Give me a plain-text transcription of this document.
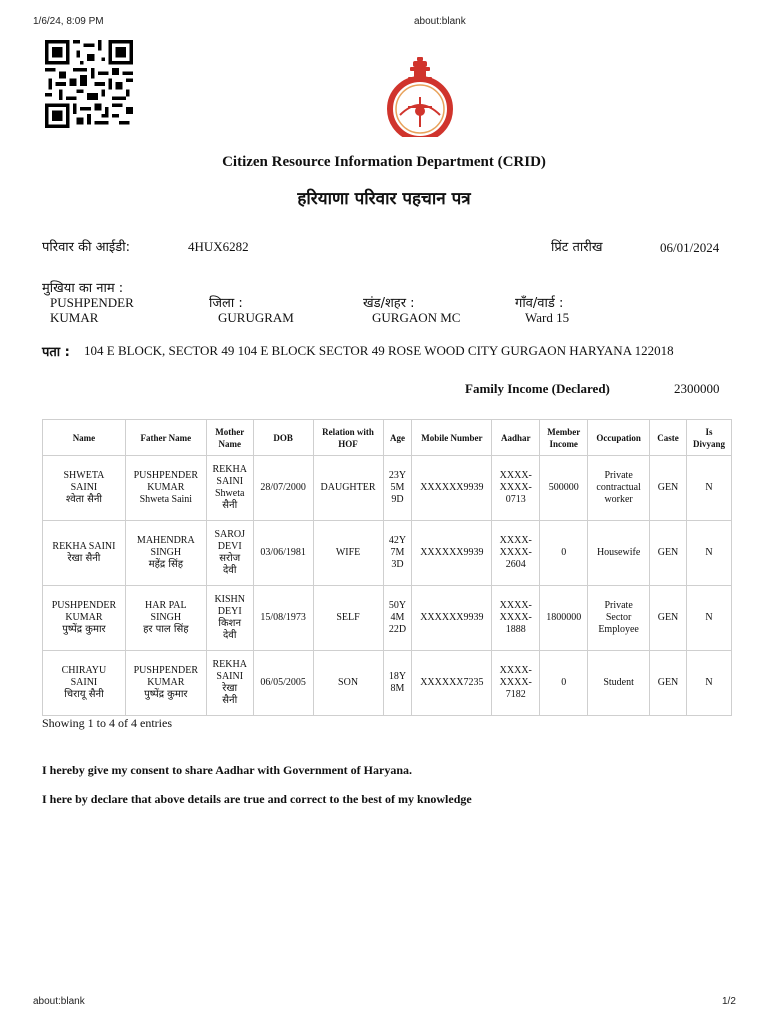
1/6/24, 8:09 PM	about:blank
about:blank	1/2
Citizen Resource Information Department (CRID)
हरियाणा परिवार पहचान पत्र
परिवार की आईडी:	4HUX6282	प्रिंट तारीख	06/01/2024
मुखिया का नाम :
PUSHPENDER
KUMAR
जिला :
GURUGRAM
खंड/शहर :
GURGAON MC
गाँव/वार्ड :
Ward 15
पता : 104 E BLOCK, SECTOR 49 104 E BLOCK SECTOR 49 ROSE WOOD CITY GURGAON HARYANA 122018
Family Income (Declared)	2300000
Name	Father Name	Mother Name	DOB	Relation with HOF	Age	Mobile Number	Aadhar	Member Income	Occupation	Caste	Is Divyang

SHWETA
SAINI
श्वेता सैनी	PUSHPENDER
KUMAR
Shweta Saini	REKHA
SAINI
Shweta
सैनी	28/07/2000	DAUGHTER	23Y
5M
9D	XXXXXX9939	XXXX-
XXXX-
0713	500000	Private
contractual
worker	GEN	N

REKHA SAINI
रेखा सैनी	MAHENDRA
SINGH
महेंद्र सिंह	SAROJ
DEVI
सरोज
देवी	03/06/1981	WIFE	42Y
7M
3D	XXXXXX9939	XXXX-
XXXX-
2604	0	Housewife	GEN	N

PUSHPENDER
KUMAR
पुष्पेंद्र कुमार	HAR PAL
SINGH
हर पाल सिंह	KISHN
DEYI
किशन
देवी	15/08/1973	SELF	50Y
4M
22D	XXXXXX9939	XXXX-
XXXX-
1888	1800000	Private
Sector
Employee	GEN	N

CHIRAYU
SAINI
चिरायू सैनी	PUSHPENDER
KUMAR
पुष्पेंद्र कुमार	REKHA
SAINI
रेखा
सैनी	06/05/2005	SON	18Y
8M	XXXXXX7235	XXXX-
XXXX-
7182	0	Student	GEN	N
Showing 1 to 4 of 4 entries
I hereby give my consent to share Aadhar with Government of Haryana.
I here by declare that above details are true and correct to the best of my knowledge
